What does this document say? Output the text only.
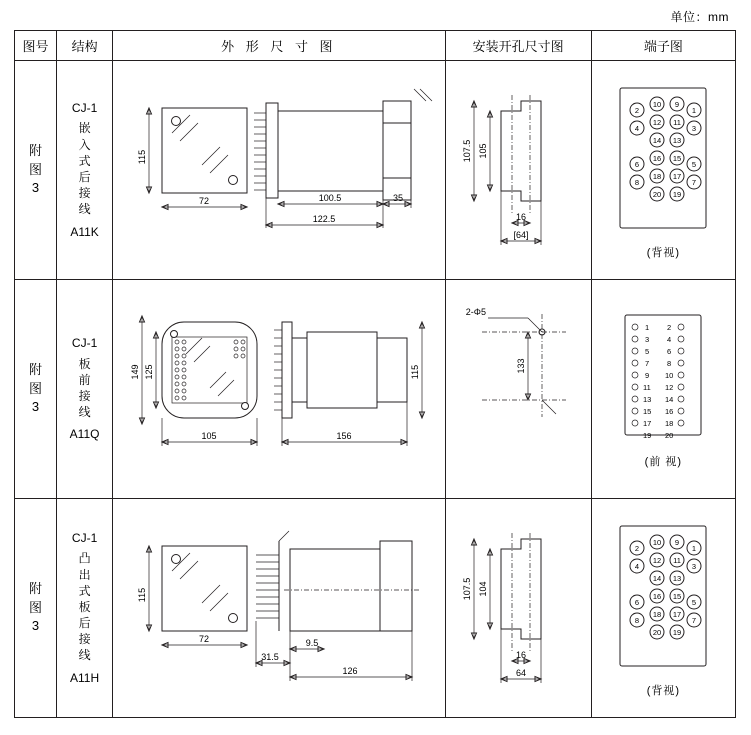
单位：mm
图号	结构	外 形 尺 寸 图	安装开孔尺寸图	端子图

附
图
3

CJ-1
嵌
入
式
后
接
线
A11K

115
72	100.5	35
122.5

107.5 105
16
[64]

2
10 9
1
4
12 11
3
14 13
6
16 15
5
8
18 17
7
20 19
(背视)

附
图
3

CJ-1
板
前
接
线
A11Q

149 125
105	156
115

2-Φ5
133

1 2
3 4
5 6
7 8
9 10
11 12
13 14
15 16
17 18
19 20
(前 视)

附
图
3

CJ-1
凸
出
式
板
后
接
线
A11H

115
72
31.5
9.5
126

107.5 104
16
64

2
10 9
1
4
12 11
3
14 13
6
16 15
5
8
18 17
7
20 19
(背视)
